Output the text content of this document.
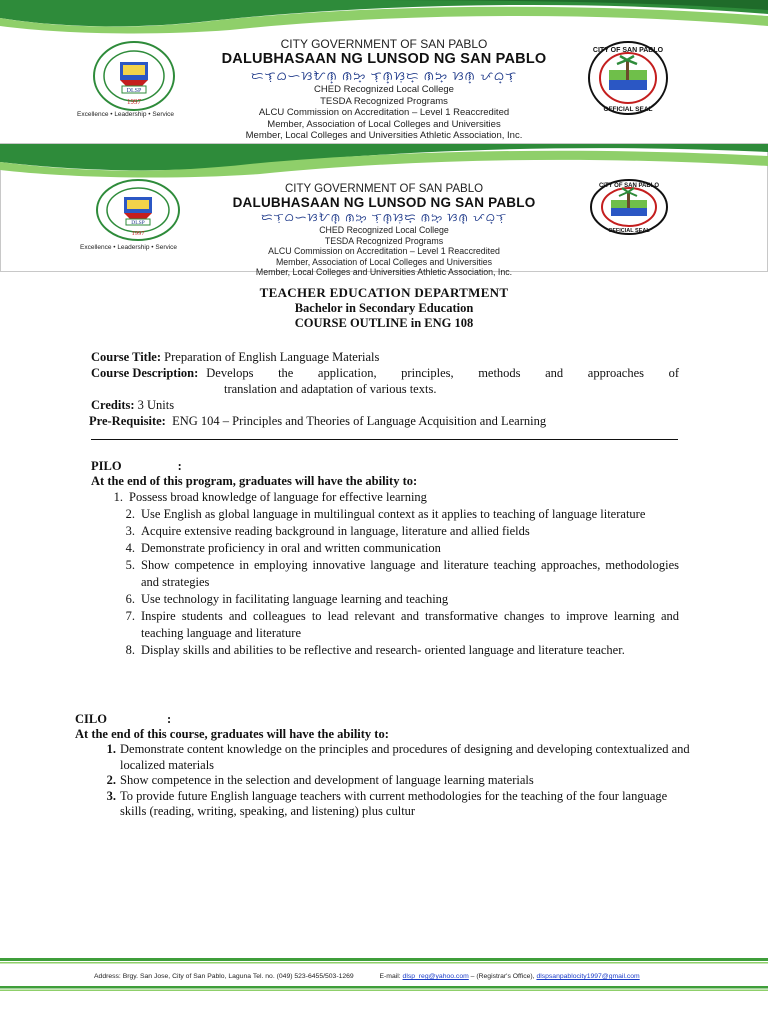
DLSP
1997
Excellence • Leadership • Service
CITY OF SAN PABLO
OFFICIAL SEAL
CITY GOVERNMENT OF SAN PABLO
DALUBHASAAN NG LUNSOD NG SAN PABLO
ᜇᜎᜓᜊᜑᜐᜀᜈ᜔ ᜈᜅ᜔ ᜎᜓᜈ᜔ᜐᜓᜇ᜔ ᜈᜅ᜔ ᜐᜈ᜔ ᜉᜊ᜔ᜎᜓ
CHED Recognized Local College
TESDA Recognized Programs
ALCU Commission on Accreditation – Level 1 Reaccredited
Member, Association of Local Colleges and Universities
Member, Local Colleges and Universities Athletic Association, Inc.
DLSP
1997
Excellence • Leadership • Service
CITY OF SAN PABLO
OFFICIAL SEAL
CITY GOVERNMENT OF SAN PABLO
DALUBHASAAN NG LUNSOD NG SAN PABLO
ᜇᜎᜓᜊᜑᜐᜀᜈ᜔ ᜈᜅ᜔ ᜎᜓᜈ᜔ᜐᜓᜇ᜔ ᜈᜅ᜔ ᜐᜈ᜔ ᜉᜊ᜔ᜎᜓ
CHED Recognized Local College
TESDA Recognized Programs
ALCU Commission on Accreditation – Level 1 Reaccredited
Member, Association of Local Colleges and Universities
Member, Local Colleges and Universities Athletic Association, Inc.
TEACHER EDUCATION DEPARTMENT
Bachelor in Secondary Education
COURSE OUTLINE in ENG 108

Course Title: Preparation of English Language Materials

Course Description: Develops the application, principles, methods and approaches of

translation and adaptation of various texts.

Credits: 3 Units

Pre-Requisite: ENG 104 – Principles and Theories of Language Acquisition and Learning

PILO	:
At the end of this program, graduates will have the ability to:
1. Possess broad knowledge of language for effective learning
2. Use English as global language in multilingual context as it applies to teaching of language literature
3. Acquire extensive reading background in language, literature and allied fields
4. Demonstrate proficiency in oral and written communication
5. Show competence in employing innovative language and literature teaching approaches, methodologies and strategies
6. Use technology in facilitating language learning and teaching
7. Inspire students and colleagues to lead relevant and transformative changes to improve learning and teaching language and literature
8. Display skills and abilities to be reflective and research- oriented language and literature teacher.
CILO	:
At the end of this course, graduates will have the ability to:
1. Demonstrate content knowledge on the principles and procedures of designing and developing contextualized and localized materials
2. Show competence in the selection and development of language learning materials
3. To provide future English language teachers with current methodologies for the teaching of the four language skills (reading, writing, speaking, and listening) plus cultur
Address: Brgy. San Jose, City of San Pablo, Laguna Tel. no. (049) 523-6455/503-1269	E-mail: dlsp_reg@yahoo.com – (Registrar's Office), dlspsanpablocity1997@gmail.com
